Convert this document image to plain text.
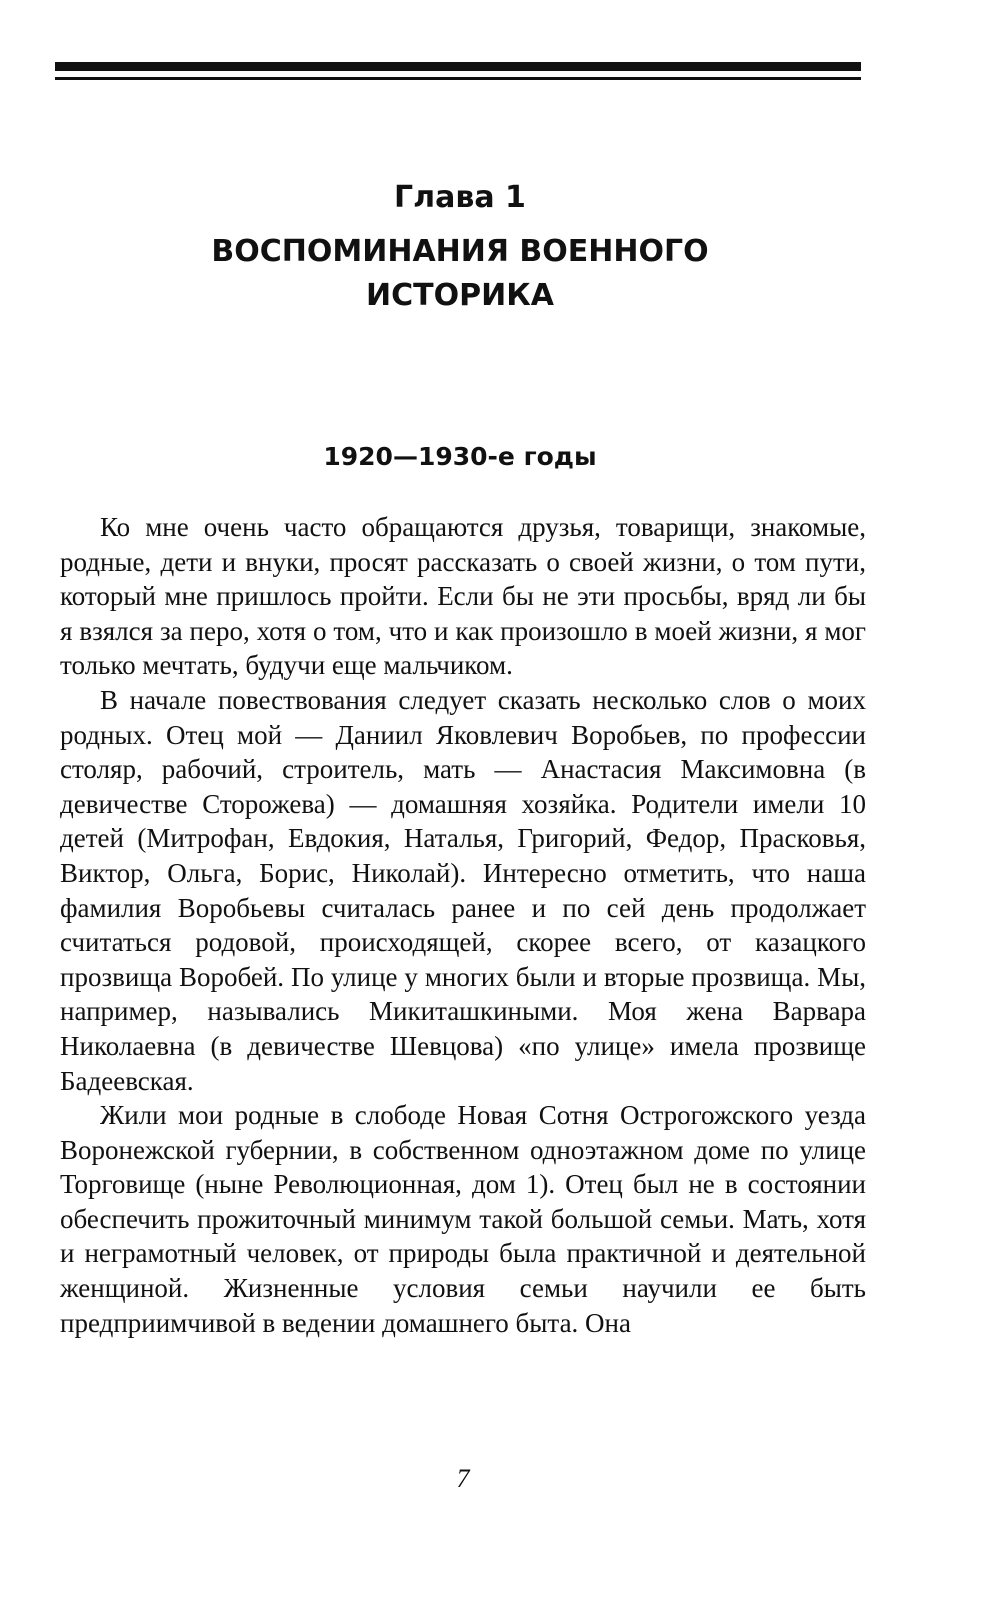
Глава 1
ВОСПОМИНАНИЯ ВОЕННОГО
ИСТОРИКА
1920—1930-е годы

Ко мне очень часто обращаются друзья, товарищи, знакомые, родные, дети и внуки, просят рассказать о своей жизни, о том пути, который мне пришлось пройти. Если бы не эти просьбы, вряд ли бы я взялся за перо, хотя о том, что и как произошло в моей жизни, я мог только мечтать, будучи еще мальчиком.

В начале повествования следует сказать несколько слов о моих родных. Отец мой — Даниил Яковлевич Воробьев, по профессии столяр, рабочий, строитель, мать — Анастасия Максимовна (в девичестве Сторожева) — домашняя хозяйка. Родители имели 10 детей (Митрофан, Евдокия, Наталья, Григорий, Федор, Прасковья, Виктор, Ольга, Борис, Николай). Интересно отметить, что наша фамилия Воробьевы считалась ранее и по сей день продолжает считаться родовой, происходящей, скорее всего, от казацкого прозвища Воробей. По улице у многих были и вторые прозвища. Мы, например, назывались Микиташкиными. Моя жена Варвара Николаевна (в девичестве Шевцова) «по улице» имела прозвище Бадеевская.

Жили мои родные в слободе Новая Сотня Острогожского уезда Воронежской губернии, в собственном одноэтажном доме по улице Торговище (ныне Революционная, дом 1). Отец был не в состоянии обеспечить прожиточный минимум такой большой семьи. Мать, хотя и неграмотный человек, от природы была практичной и деятельной женщиной. Жизненные условия семьи научили ее быть предприимчивой в ведении домашнего быта. Она

7
